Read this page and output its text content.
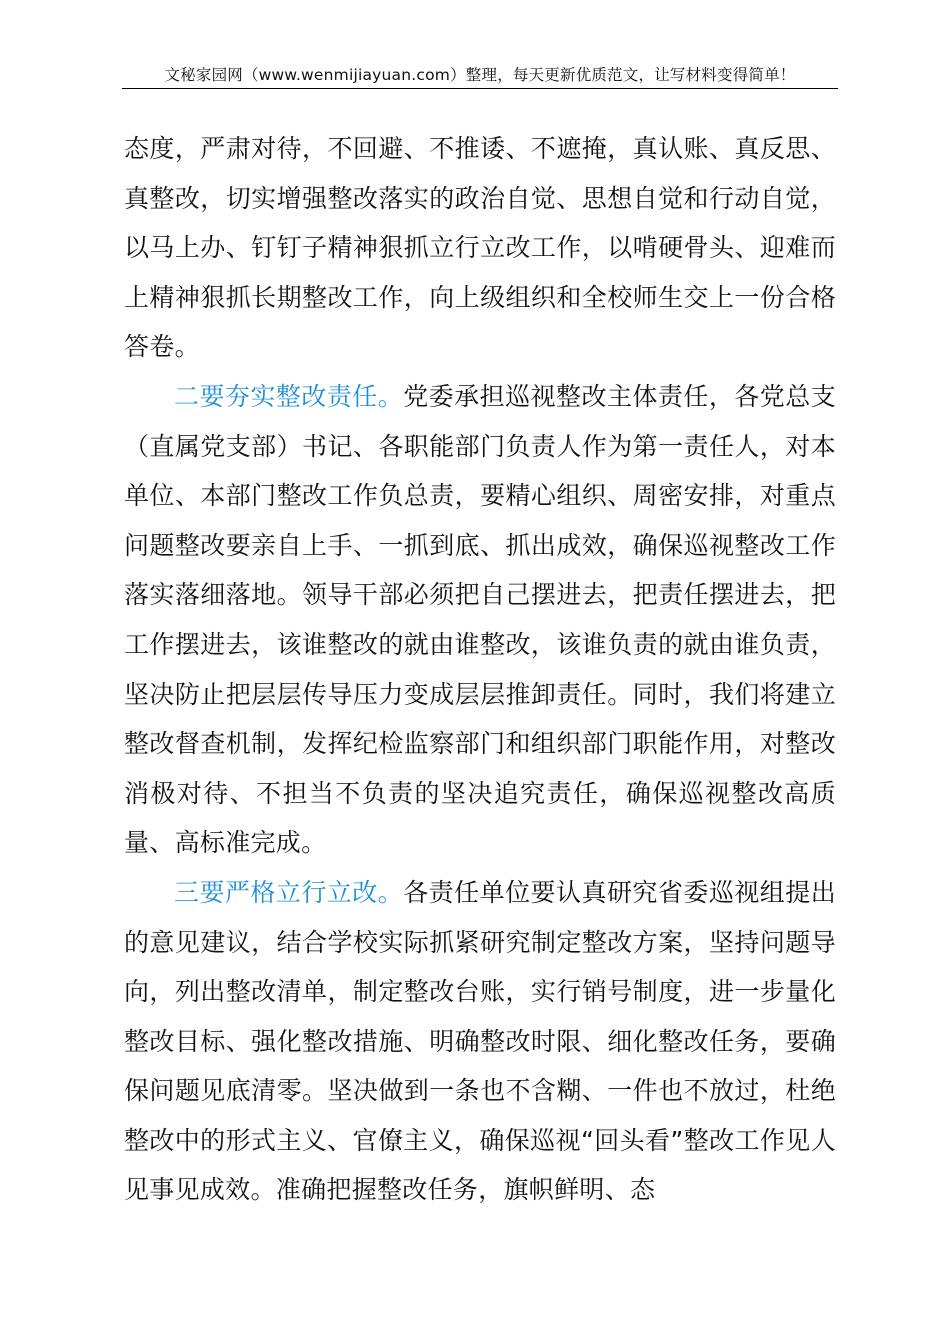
文秘家园网（www.wenmijiayuan.com）整理，每天更新优质范文，让写材料变得简单！

态度，严肃对待，不回避、不推诿、不遮掩，真认账、真反思、真整改，切实增强整改落实的政治自觉、思想自觉和行动自觉，以马上办、钉钉子精神狠抓立行立改工作，以啃硬骨头、迎难而上精神狠抓长期整改工作，向上级组织和全校师生交上一份合格答卷。

二要夯实整改责任。党委承担巡视整改主体责任，各党总支（直属党支部）书记、各职能部门负责人作为第一责任人，对本单位、本部门整改工作负总责，要精心组织、周密安排，对重点问题整改要亲自上手、一抓到底、抓出成效，确保巡视整改工作落实落细落地。领导干部必须把自己摆进去，把责任摆进去，把工作摆进去，该谁整改的就由谁整改，该谁负责的就由谁负责，坚决防止把层层传导压力变成层层推卸责任。同时，我们将建立整改督查机制，发挥纪检监察部门和组织部门职能作用，对整改消极对待、不担当不负责的坚决追究责任，确保巡视整改高质量、高标准完成。

三要严格立行立改。各责任单位要认真研究省委巡视组提出的意见建议，结合学校实际抓紧研究制定整改方案，坚持问题导向，列出整改清单，制定整改台账，实行销号制度，进一步量化整改目标、强化整改措施、明确整改时限、细化整改任务，要确保问题见底清零。坚决做到一条也不含糊、一件也不放过，杜绝整改中的形式主义、官僚主义，确保巡视“回头看”整改工作见人见事见成效。准确把握整改任务，旗帜鲜明、态
